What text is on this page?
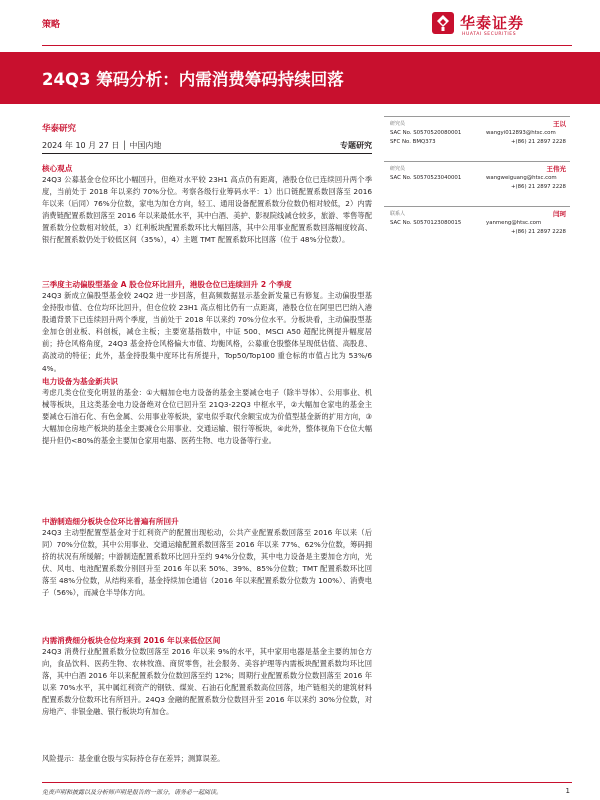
策略	华泰证券
HUATAI SECURITIES
24Q3 筹码分析：内需消费筹码持续回落
华泰研究
2024 年 10 月 27 日 │ 中国内地	专题研究
研究员	王以
SAC No. S0570520080001	wangyi012893@htsc.com
SFC No. BMQ373	+(86) 21 2897 2228
研究员	王伟光
SAC No. S0570523040001	wangweiguang@htsc.com
+(86) 21 2897 2228
联系人	闫珂
SAC No. S0570123080015	yanmeng@htsc.com
+(86) 21 2897 2228
核心观点
24Q3 公募基金仓位环比小幅回升，但绝对水平较 23H1 高点仍有距离，港股仓位已连续回升两个季度，当前处于 2018 年以来约 70%分位。考察各级行业筹码水平：1）出口链配置系数回落至 2016 年以来（后同）76%分位数，家电为加仓方向，轻工、通用设备配置系数分位数仍相对较低，2）内需消费链配置系数回落至 2016 年以来最低水平，其中白酒、美护、影视院线减仓较多，旅游、零售等配置系数分位数相对较低，3）红利板块配置系数环比大幅回落，其中公用事业配置系数回落幅度较高、银行配置系数仍处于较低区间（35%），4）主题 TMT 配置系数环比回落（位于 48%分位数）。
三季度主动偏股型基金 A 股仓位环比回升，港股仓位已连续回升 2 个季度
24Q3 新成立偏股型基金较 24Q2 进一步回落，但高频数据显示基金新发量已有修复。主动偏股型基金持股市值、仓位均环比回升，但仓位较 23H1 高点相比仍有一点距离，港股仓位在阿里巴巴纳入港股通背景下已连续回升两个季度，当前处于 2018 年以来约 70%分位水平。分板块看，主动偏股型基金加仓创业板、科创板，减仓主板；主要宽基指数中，中证 500、MSCI A50 超配比例提升幅度居前；持仓风格角度，24Q3 基金持仓风格偏大市值、均衡风格，公募重仓股整体呈现低估值、高股息、高波动的特征；此外，基金持股集中度环比有所提升，Top50/Top100 重仓标的市值占比为 53%/64%。
电力设备为基金新共识
考虑几类仓位变化明显的基金：①大幅加仓电力设备的基金主要减仓电子（除半导体）、公用事业、机械等板块，且这类基金电力设备绝对仓位已回升至 21Q3-22Q3 中枢水平，②大幅加仓家电的基金主要减仓石油石化、有色金属、公用事业等板块，家电似乎取代余额宝成为价值型基金新的扩用方向，③大幅加仓房地产板块的基金主要减仓公用事业、交通运输、银行等板块，④此外，整体视角下仓位大幅提升但仍<80%的基金主要加仓家用电器、医药生物、电力设备等行业。
中游制造细分板块仓位环比普遍有所回升
24Q3 主动型配置型基金对于红利资产的配置出现松动，公共产业配置系数回落至 2016 年以来（后同）70%分位数，其中公用事业、交通运输配置系数回落至 2016 年以来 77%、62%分位数，筹码拥挤的状况有所缓解；中游制造配置系数环比回升至约 94%分位数，其中电力设备是主要加仓方向，光伏、风电、电池配置系数分别回升至 2016 年以来 50%、39%、85%分位数；TMT 配置系数环比回落至 48%分位数，从结构来看，基金持续加仓通信（2016 年以来配置系数分位数为 100%）、消费电子（56%），而减仓半导体方向。
内需消费细分板块仓位均来到 2016 年以来低位区间
24Q3 消费行业配置系数分位数回落至 2016 年以来 9%的水平，其中家用电器是基金主要的加仓方向，食品饮料、医药生物、农林牧渔、商贸零售，社会服务、美容护理等内需板块配置系数均环比回落，其中白酒 2016 年以来配置系数分位数回落至约 12%；周期行业配置系数分位数回落至 2016 年以来 70%水平，其中属红利资产的钢铁、煤炭、石油石化配置系数高位回落，地产链相关的建筑材料配置系数分位数环比有所回升。24Q3 金融的配置系数分位数回升至 2016 年以来约 30%分位数，对房地产、非银金融、银行板块均有加仓。
风险提示：基金重仓股与实际持仓存在差异；测算误差。
免责声明和披露以及分析师声明是报告的一部分，请务必一起阅读。	1
